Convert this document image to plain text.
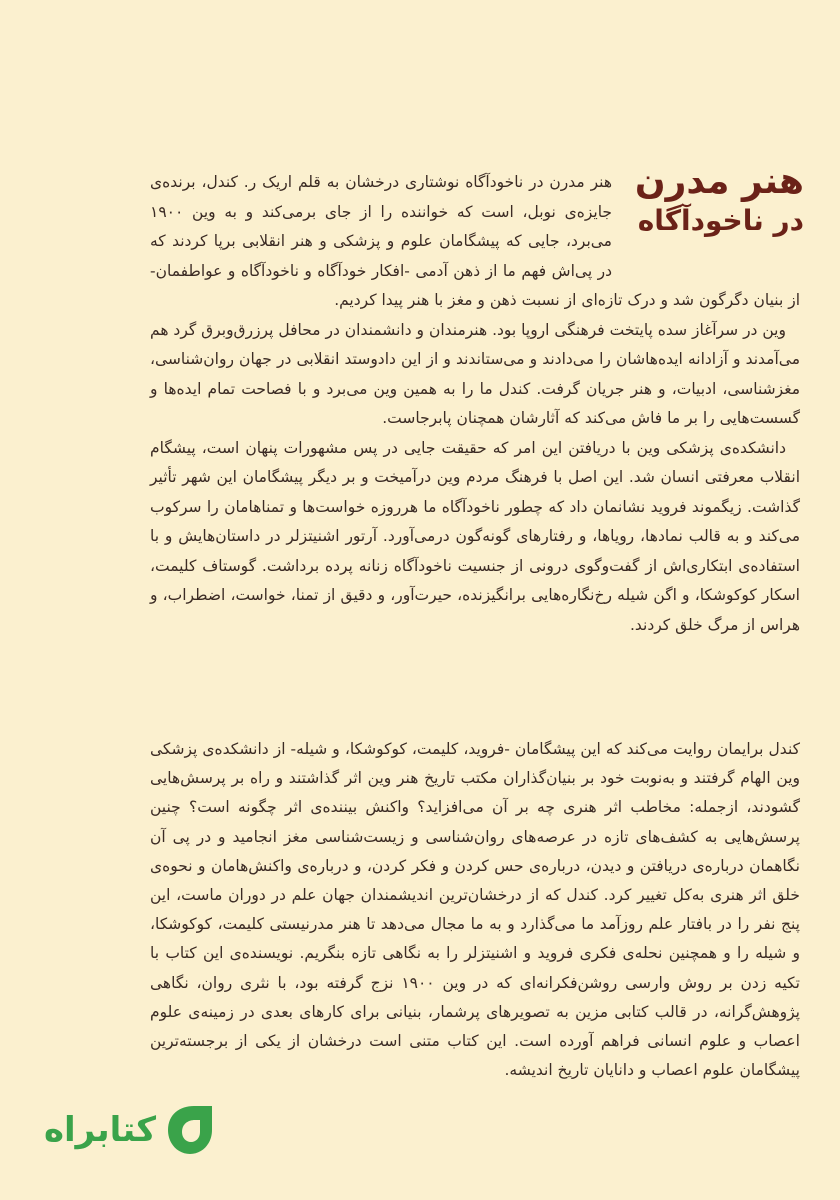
هنر مدرن در ناخودآگاه نوشتاری درخشان به قلم اریک ر. کندل، برنده‌ی جایزه‌ی نوبل، است که خواننده را از جای برمی‌کند و به وین ۱۹۰۰ می‌برد، جایی که پیشگامان علوم و پزشکی و هنر انقلابی برپا کردند که در پی‌اش فهم ما از ذهن آدمی -افکار خودآگاه و ناخودآگاه و عواطفمان- از بنیان دگرگون شد و درک تازه‌ای از نسبت ذهن و مغز با هنر پیدا کردیم.

وین در سرآغاز سده پایتخت فرهنگی اروپا بود. هنرمندان و دانشمندان در محافل پرزرق‌وبرق گرد هم می‌آمدند و آزادانه ایده‌هاشان را می‌دادند و می‌ستاندند و از این دادوستد انقلابی در جهان روان‌شناسی، مغزشناسی، ادبیات، و هنر جریان گرفت. کندل ما را به همین وین می‌برد و با فصاحت تمام ایده‌ها و گسست‌هایی را بر ما فاش می‌کند که آثارشان همچنان پابرجاست.

دانشکده‌ی پزشکی وین با دریافتن این امر که حقیقت جایی در پس مشهورات پنهان است، پیشگام انقلاب معرفتی انسان شد. این اصل با فرهنگ مردم وین درآمیخت و بر دیگر پیشگامان این شهر تأثیر گذاشت. زیگموند فروید نشانمان داد که چطور ناخودآگاه ما هرروزه خواست‌ها و تمناهامان را سرکوب می‌کند و به قالب نمادها، رویاها، و رفتارهای گونه‌گون درمی‌آورد. آرتور اشنیتزلر در داستان‌هایش و با استفاده‌ی ابتکاری‌اش از گفت‌وگوی درونی از جنسیت ناخودآگاه زنانه پرده برداشت. گوستاف کلیمت، اسکار کوکوشکا، و اگن شیله رخ‌نگاره‌هایی برانگیزنده، حیرت‌آور، و دقیق از تمنا، خواست، اضطراب، و هراس از مرگ خلق کردند.

هنر مدرن
در ناخودآگاه

کندل برایمان روایت می‌کند که این پیشگامان -فروید، کلیمت، کوکوشکا، و شیله- از دانشکده‌ی پزشکی وین الهام گرفتند و به‌نوبت خود بر بنیان‌گذاران مکتب تاریخ هنر وین اثر گذاشتند و راه بر پرسش‌هایی گشودند، ازجمله: مخاطب اثر هنری چه بر آن می‌افزاید؟ واکنش بیننده‌ی اثر چگونه است؟ چنین پرسش‌هایی به کشف‌های تازه در عرصه‌های روان‌شناسی و زیست‌شناسی مغز انجامید و در پی آن نگاهمان درباره‌ی دریافتن و دیدن، درباره‌ی حس کردن و فکر کردن، و درباره‌ی واکنش‌هامان و نحوه‌ی خلق اثر هنری به‌کل تغییر کرد. کندل که از درخشان‌ترین اندیشمندان جهان علم در دوران ماست، این پنج نفر را در بافتار علم روزآمد ما می‌گذارد و به ما مجال می‌دهد تا هنر مدرنیستی کلیمت، کوکوشکا، و شیله را و همچنین نحله‌ی فکری فروید و اشنیتزلر را به نگاهی تازه بنگریم. نویسنده‌ی این کتاب با تکیه زدن بر روش وارسی روشن‌فکرانه‌ای که در وین ۱۹۰۰ نزج گرفته بود، با نثری روان، نگاهی پژوهش‌گرانه، در قالب کتابی مزین به تصویرهای پرشمار، بنیانی برای کارهای بعدی در زمینه‌ی علوم اعصاب و علوم انسانی فراهم آورده است. این کتاب متنی است درخشان از یکی از برجسته‌ترین پیشگامان علوم اعصاب و دانایان تاریخ اندیشه.

کتابراه
